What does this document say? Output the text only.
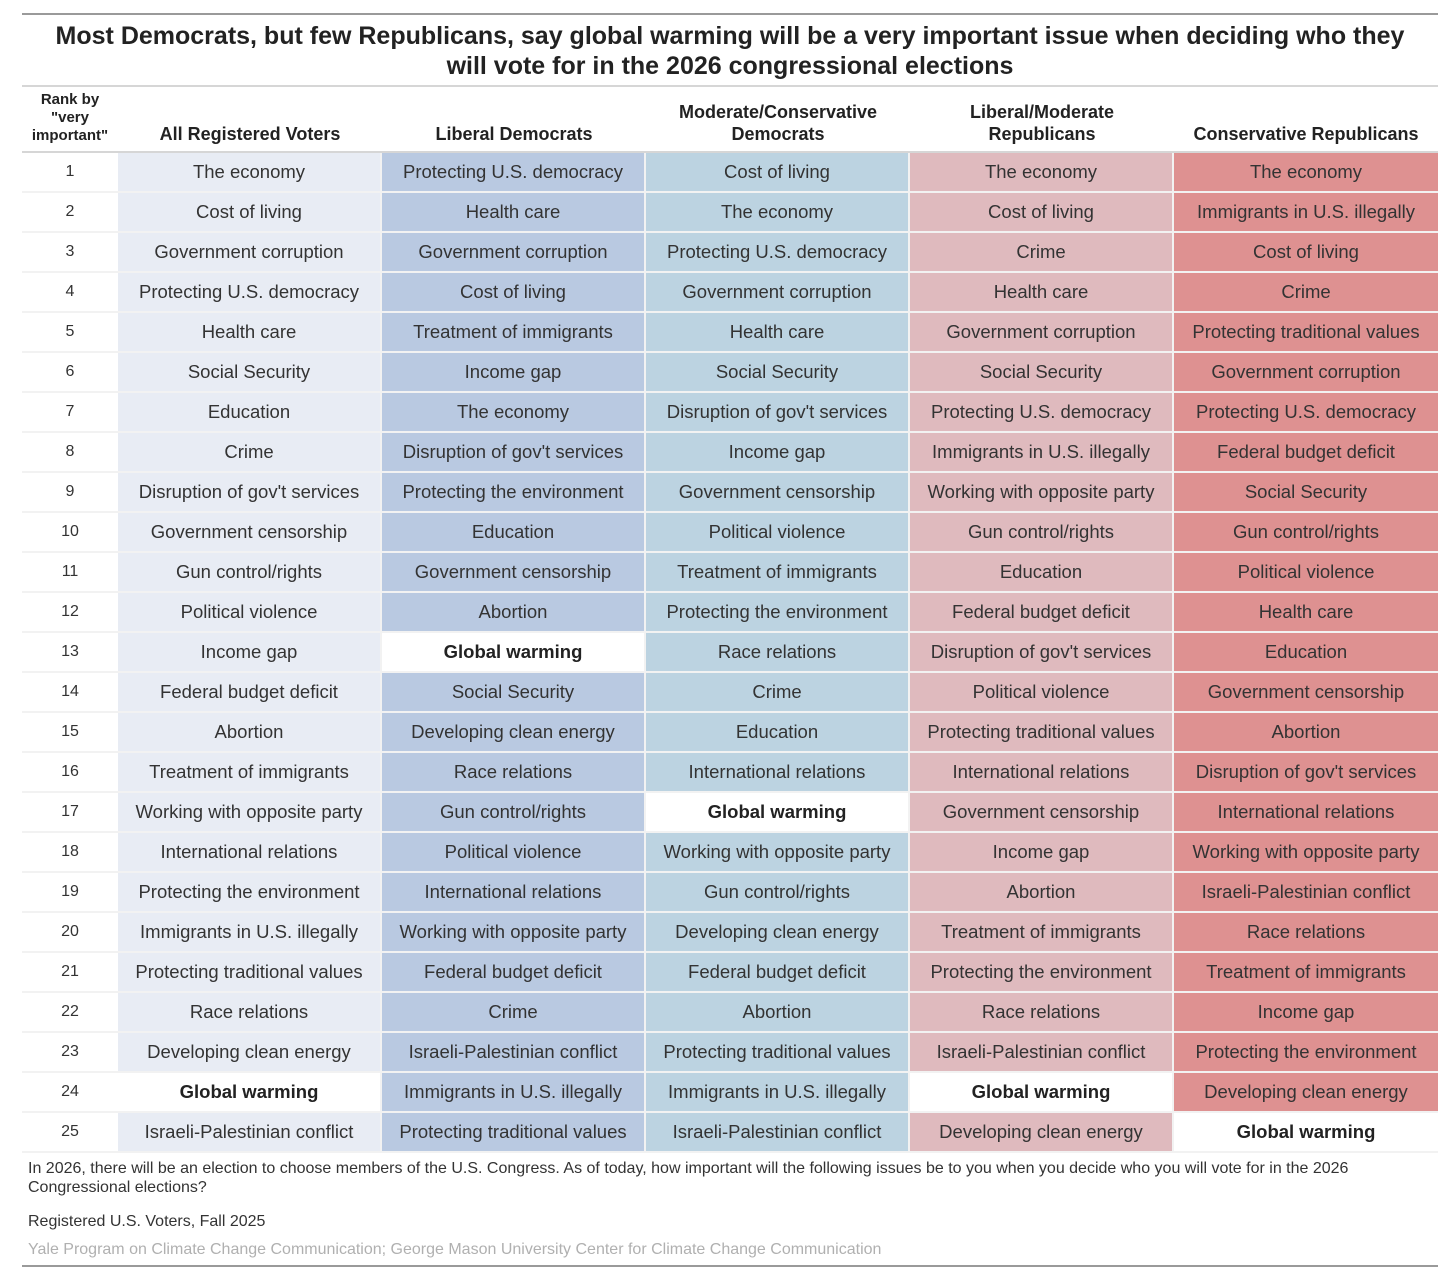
Most Democrats, but few Republicans, say global warming will be a very important issue when deciding who they will vote for in the 2026 congressional elections
Rank by "very important"	All Registered Voters	Liberal Democrats	Moderate/Conservative Democrats	Liberal/Moderate Republicans	Conservative Republicans
1	The economy	Protecting U.S. democracy	Cost of living	The economy	The economy
2	Cost of living	Health care	The economy	Cost of living	Immigrants in U.S. illegally
3	Government corruption	Government corruption	Protecting U.S. democracy	Crime	Cost of living
4	Protecting U.S. democracy	Cost of living	Government corruption	Health care	Crime
5	Health care	Treatment of immigrants	Health care	Government corruption	Protecting traditional values
6	Social Security	Income gap	Social Security	Social Security	Government corruption
7	Education	The economy	Disruption of gov't services	Protecting U.S. democracy	Protecting U.S. democracy
8	Crime	Disruption of gov't services	Income gap	Immigrants in U.S. illegally	Federal budget deficit
9	Disruption of gov't services	Protecting the environment	Government censorship	Working with opposite party	Social Security
10	Government censorship	Education	Political violence	Gun control/rights	Gun control/rights
11	Gun control/rights	Government censorship	Treatment of immigrants	Education	Political violence
12	Political violence	Abortion	Protecting the environment	Federal budget deficit	Health care
13	Income gap	Global warming	Race relations	Disruption of gov't services	Education
14	Federal budget deficit	Social Security	Crime	Political violence	Government censorship
15	Abortion	Developing clean energy	Education	Protecting traditional values	Abortion
16	Treatment of immigrants	Race relations	International relations	International relations	Disruption of gov't services
17	Working with opposite party	Gun control/rights	Global warming	Government censorship	International relations
18	International relations	Political violence	Working with opposite party	Income gap	Working with opposite party
19	Protecting the environment	International relations	Gun control/rights	Abortion	Israeli-Palestinian conflict
20	Immigrants in U.S. illegally	Working with opposite party	Developing clean energy	Treatment of immigrants	Race relations
21	Protecting traditional values	Federal budget deficit	Federal budget deficit	Protecting the environment	Treatment of immigrants
22	Race relations	Crime	Abortion	Race relations	Income gap
23	Developing clean energy	Israeli-Palestinian conflict	Protecting traditional values	Israeli-Palestinian conflict	Protecting the environment
24	Global warming	Immigrants in U.S. illegally	Immigrants in U.S. illegally	Global warming	Developing clean energy
25	Israeli-Palestinian conflict	Protecting traditional values	Israeli-Palestinian conflict	Developing clean energy	Global warming
In 2026, there will be an election to choose members of the U.S. Congress. As of today, how important will the following issues be to you when you decide who you will vote for in the 2026 Congressional elections?
Registered U.S. Voters, Fall 2025
Yale Program on Climate Change Communication; George Mason University Center for Climate Change Communication
